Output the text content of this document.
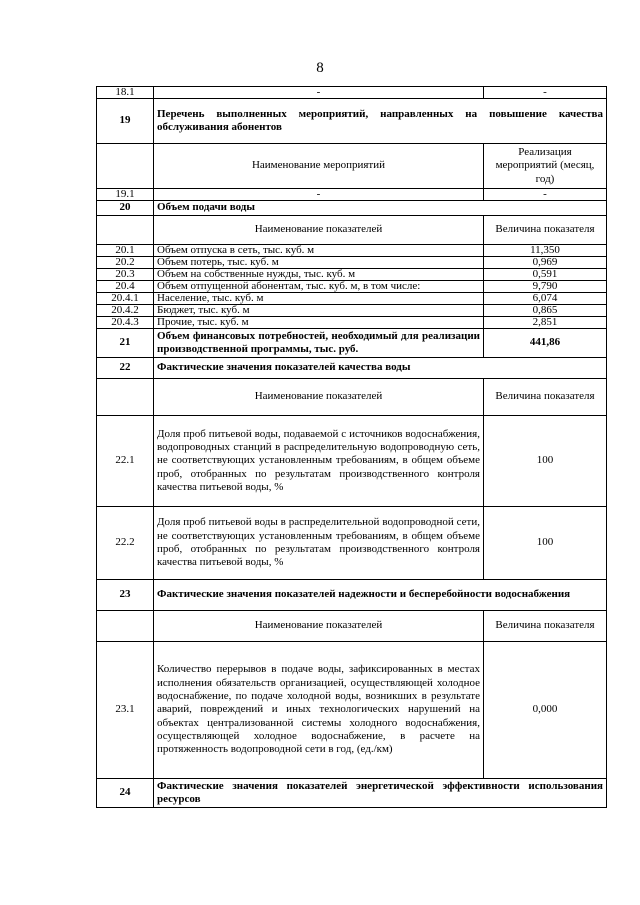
8
18.1	-	-
19	Перечень выполненных мероприятий, направленных на повышение качества обслуживания абонентов	
	Наименование мероприятий	Реализация мероприятий (месяц, год)
19.1	-	-
20	Объем подачи воды	
	Наименование показателей	Величина показателя
20.1	Объем отпуска в сеть, тыс. куб. м	11,350
20.2	Объем потерь, тыс. куб. м	0,969
20.3	Объем на собственные нужды, тыс. куб. м	0,591
20.4	Объем отпущенной абонентам, тыс. куб. м, в том числе:	9,790
20.4.1	Население, тыс. куб. м	6,074
20.4.2	Бюджет, тыс. куб. м	0,865
20.4.3	Прочие, тыс. куб. м	2,851
21	Объем финансовых потребностей, необходимый для реализации производственной программы, тыс. руб.	441,86
22	Фактические значения показателей качества воды	
	Наименование показателей	Величина показателя
22.1	Доля проб питьевой воды, подаваемой с источников водоснабжения, водопроводных станций в распределительную водопроводную сеть, не соответствующих установленным требованиям, в общем объеме проб, отобранных по результатам производственного контроля качества питьевой воды, %	100
22.2	Доля проб питьевой воды в распределительной водопроводной сети, не соответствующих установленным требованиям, в общем объеме проб, отобранных по результатам производственного контроля качества питьевой воды, %	100
23	Фактические значения показателей надежности и бесперебойности водоснабжения	
	Наименование показателей	Величина показателя
23.1	Количество перерывов в подаче воды, зафиксированных в местах исполнения обязательств организацией, осуществляющей холодное водоснабжение, по подаче холодной воды, возникших в результате аварий, повреждений и иных технологических нарушений на объектах централизованной системы холодного водоснабжения, осуществляющей холодное водоснабжение, в расчете на протяженность водопроводной сети в год, (ед./км)	0,000
24	Фактические значения показателей энергетической эффективности использования ресурсов	
